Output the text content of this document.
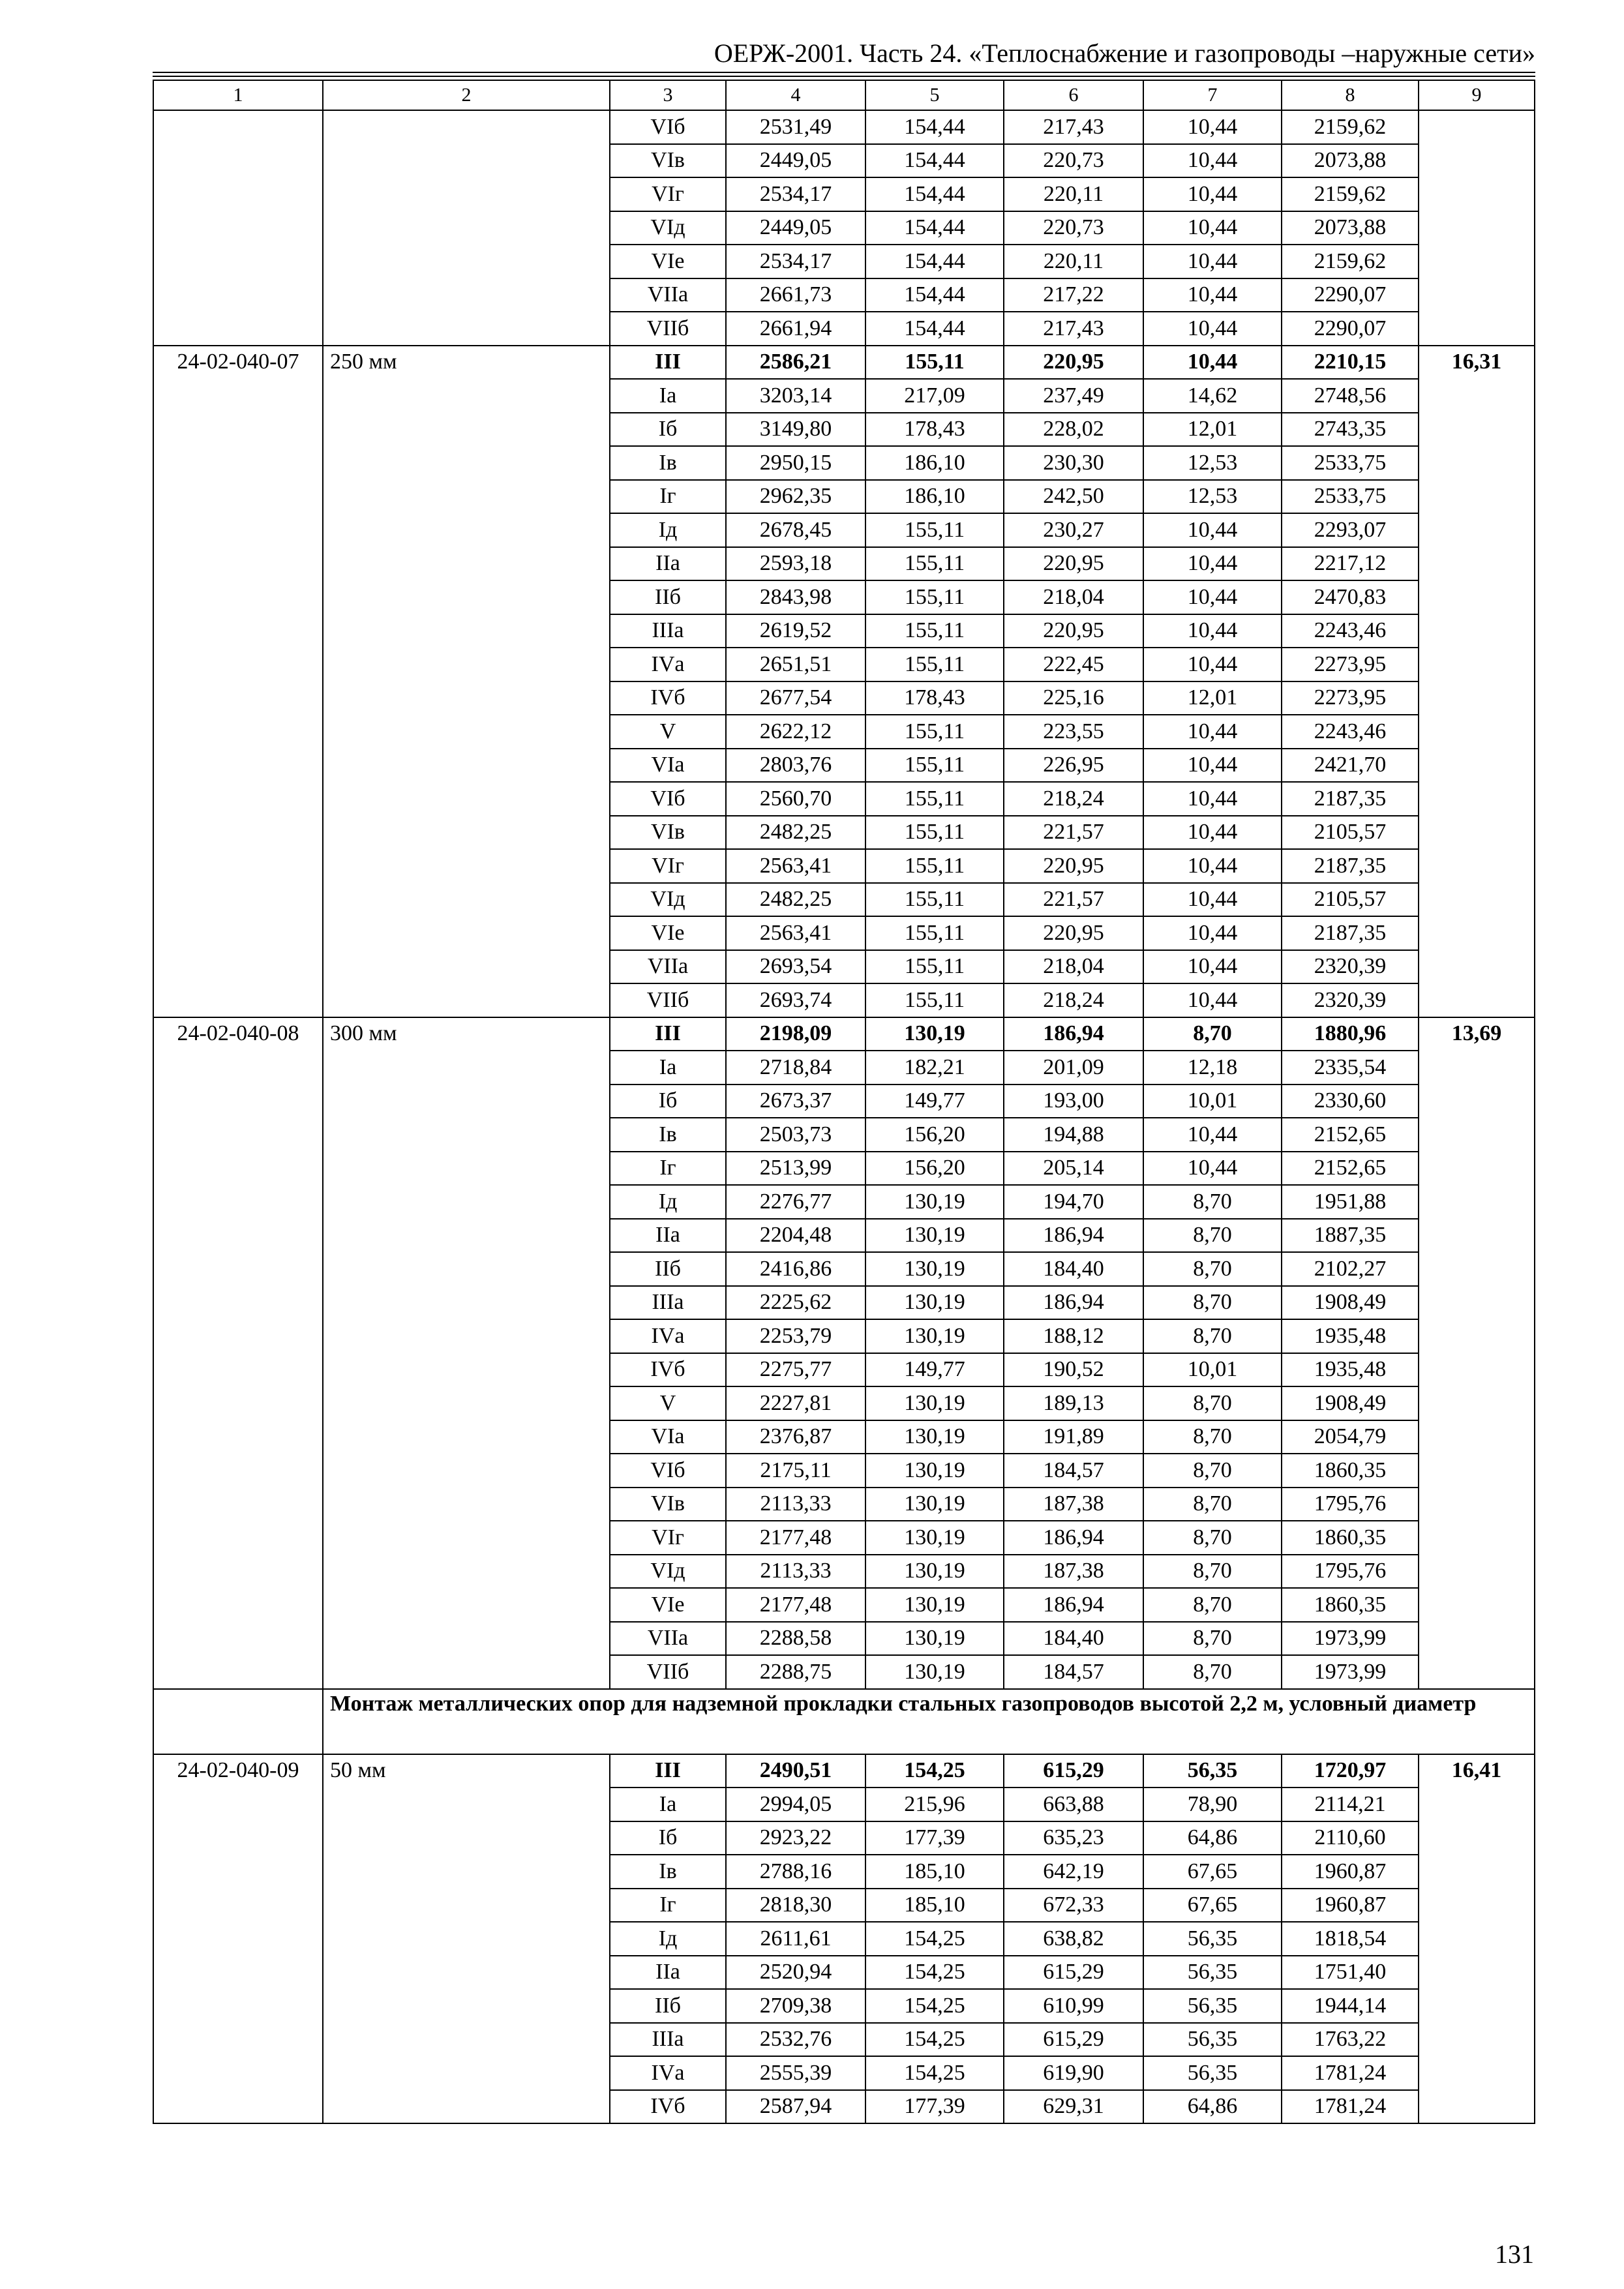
ОЕРЖ-2001. Часть 24. «Теплоснабжение и газопроводы –наружные сети»
1	2	3	4	5	6	7	8	9
		VIб	2531,49	154,44	217,43	10,44	2159,62	
		VIв	2449,05	154,44	220,73	10,44	2073,88	
		VIг	2534,17	154,44	220,11	10,44	2159,62	
		VIд	2449,05	154,44	220,73	10,44	2073,88	
		VIе	2534,17	154,44	220,11	10,44	2159,62	
		VIIа	2661,73	154,44	217,22	10,44	2290,07	
		VIIб	2661,94	154,44	217,43	10,44	2290,07	
24-02-040-07	250 мм	III	2586,21	155,11	220,95	10,44	2210,15	16,31
		Iа	3203,14	217,09	237,49	14,62	2748,56	
		Iб	3149,80	178,43	228,02	12,01	2743,35	
		Iв	2950,15	186,10	230,30	12,53	2533,75	
		Iг	2962,35	186,10	242,50	12,53	2533,75	
		Iд	2678,45	155,11	230,27	10,44	2293,07	
		IIа	2593,18	155,11	220,95	10,44	2217,12	
		IIб	2843,98	155,11	218,04	10,44	2470,83	
		IIIа	2619,52	155,11	220,95	10,44	2243,46	
		IVа	2651,51	155,11	222,45	10,44	2273,95	
		IVб	2677,54	178,43	225,16	12,01	2273,95	
		V	2622,12	155,11	223,55	10,44	2243,46	
		VIа	2803,76	155,11	226,95	10,44	2421,70	
		VIб	2560,70	155,11	218,24	10,44	2187,35	
		VIв	2482,25	155,11	221,57	10,44	2105,57	
		VIг	2563,41	155,11	220,95	10,44	2187,35	
		VIд	2482,25	155,11	221,57	10,44	2105,57	
		VIе	2563,41	155,11	220,95	10,44	2187,35	
		VIIа	2693,54	155,11	218,04	10,44	2320,39	
		VIIб	2693,74	155,11	218,24	10,44	2320,39	
24-02-040-08	300 мм	III	2198,09	130,19	186,94	8,70	1880,96	13,69
		Iа	2718,84	182,21	201,09	12,18	2335,54	
		Iб	2673,37	149,77	193,00	10,01	2330,60	
		Iв	2503,73	156,20	194,88	10,44	2152,65	
		Iг	2513,99	156,20	205,14	10,44	2152,65	
		Iд	2276,77	130,19	194,70	8,70	1951,88	
		IIа	2204,48	130,19	186,94	8,70	1887,35	
		IIб	2416,86	130,19	184,40	8,70	2102,27	
		IIIа	2225,62	130,19	186,94	8,70	1908,49	
		IVа	2253,79	130,19	188,12	8,70	1935,48	
		IVб	2275,77	149,77	190,52	10,01	1935,48	
		V	2227,81	130,19	189,13	8,70	1908,49	
		VIа	2376,87	130,19	191,89	8,70	2054,79	
		VIб	2175,11	130,19	184,57	8,70	1860,35	
		VIв	2113,33	130,19	187,38	8,70	1795,76	
		VIг	2177,48	130,19	186,94	8,70	1860,35	
		VIд	2113,33	130,19	187,38	8,70	1795,76	
		VIе	2177,48	130,19	186,94	8,70	1860,35	
		VIIа	2288,58	130,19	184,40	8,70	1973,99	
		VIIб	2288,75	130,19	184,57	8,70	1973,99	
	Монтаж металлических опор для надземной прокладки стальных газопроводов высотой 2,2 м, условный диаметр							
24-02-040-09	50 мм	III	2490,51	154,25	615,29	56,35	1720,97	16,41
		Iа	2994,05	215,96	663,88	78,90	2114,21	
		Iб	2923,22	177,39	635,23	64,86	2110,60	
		Iв	2788,16	185,10	642,19	67,65	1960,87	
		Iг	2818,30	185,10	672,33	67,65	1960,87	
		Iд	2611,61	154,25	638,82	56,35	1818,54	
		IIа	2520,94	154,25	615,29	56,35	1751,40	
		IIб	2709,38	154,25	610,99	56,35	1944,14	
		IIIа	2532,76	154,25	615,29	56,35	1763,22	
		IVа	2555,39	154,25	619,90	56,35	1781,24	
		IVб	2587,94	177,39	629,31	64,86	1781,24	
131
